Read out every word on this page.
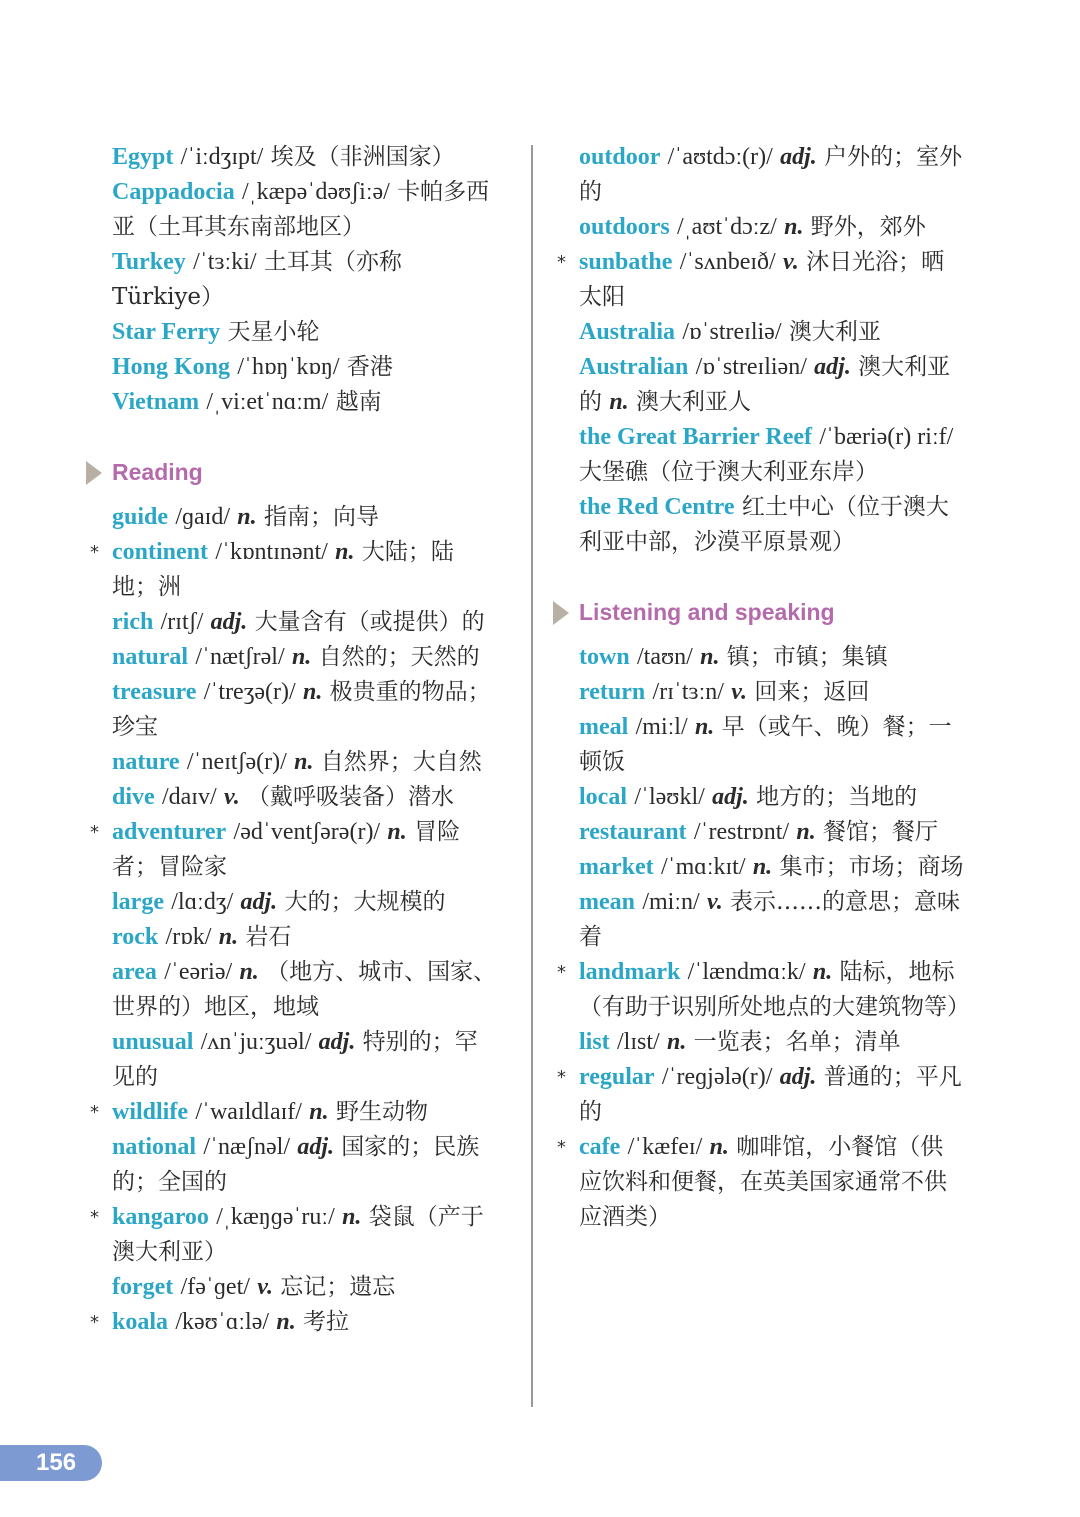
Egypt /ˈiːdʒɪpt/ 埃及（非洲国家）
Cappadocia /ˌkæpəˈdəʊʃiːə/ 卡帕多西亚（土耳其东南部地区）
Turkey /ˈtɜːki/ 土耳其（亦称 Türkiye）
Star Ferry 天星小轮
Hong Kong /ˈhɒŋˈkɒŋ/ 香港
Vietnam /ˌviːetˈnɑːm/ 越南
Reading
guide /ɡaɪd/ n. 指南；向导
* continent /ˈkɒntɪnənt/ n. 大陆；陆地；洲
rich /rɪtʃ/ adj. 大量含有（或提供）的
natural /ˈnætʃrəl/ n. 自然的；天然的
treasure /ˈtreʒə(r)/ n. 极贵重的物品；珍宝
nature /ˈneɪtʃə(r)/ n. 自然界；大自然
dive /daɪv/ v. （戴呼吸装备）潜水
* adventurer /ədˈventʃərə(r)/ n. 冒险者；冒险家
large /lɑːdʒ/ adj. 大的；大规模的
rock /rɒk/ n. 岩石
area /ˈeəriə/ n. （地方、城市、国家、世界的）地区，地域
unusual /ʌnˈjuːʒuəl/ adj. 特别的；罕见的
* wildlife /ˈwaɪldlaɪf/ n. 野生动物
national /ˈnæʃnəl/ adj. 国家的；民族的；全国的
* kangaroo /ˌkæŋɡəˈruː/ n. 袋鼠（产于澳大利亚）
forget /fəˈɡet/ v. 忘记；遗忘
* koala /kəʊˈɑːlə/ n. 考拉
outdoor /ˈaʊtdɔː(r)/ adj. 户外的；室外的
outdoors /ˌaʊtˈdɔːz/ n. 野外，郊外
* sunbathe /ˈsʌnbeɪð/ v. 沐日光浴；晒太阳
Australia /ɒˈstreɪliə/ 澳大利亚
Australian /ɒˈstreɪliən/ adj. 澳大利亚的 n. 澳大利亚人
the Great Barrier Reef /ˈbæriə(r) riːf/ 大堡礁（位于澳大利亚东岸）
the Red Centre 红土中心（位于澳大利亚中部，沙漠平原景观）
Listening and speaking
town /taʊn/ n. 镇；市镇；集镇
return /rɪˈtɜːn/ v. 回来；返回
meal /miːl/ n. 早（或午、晚）餐；一顿饭
local /ˈləʊkl/ adj. 地方的；当地的
restaurant /ˈrestrɒnt/ n. 餐馆；餐厅
market /ˈmɑːkɪt/ n. 集市；市场；商场
mean /miːn/ v. 表示……的意思；意味着
* landmark /ˈlændmɑːk/ n. 陆标，地标（有助于识别所处地点的大建筑物等）
list /lɪst/ n. 一览表；名单；清单
* regular /ˈreɡjələ(r)/ adj. 普通的；平凡的
* cafe /ˈkæfeɪ/ n. 咖啡馆，小餐馆（供应饮料和便餐，在英美国家通常不供应酒类）
156
